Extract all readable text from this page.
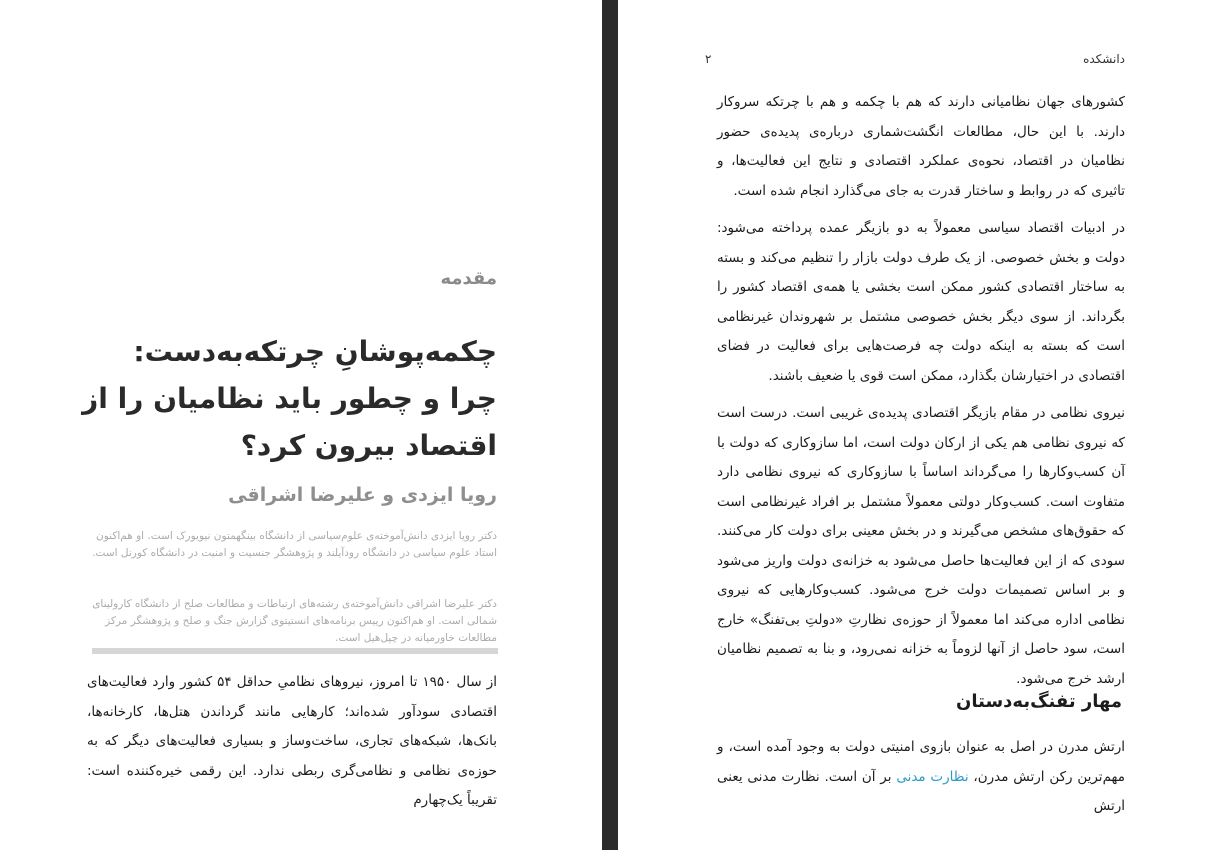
مقدمه
چکمه‌پوشانِ چرتکه‌به‌دست:
چرا و چطور باید نظامیان را از
اقتصاد بیرون کرد؟
رویا ایزدی و علیرضا اشراقی
دکتر رویا ایزدی دانش‌آموخته‌ی علوم‌سیاسی از دانشگاه بینگهمتون نیویورک است. او هم‌اکنون استاد علوم سیاسی در دانشگاه رودآیلند و پژوهشگر جنسیت و امنیت در دانشگاه کورنل است.
دکتر علیرضا اشراقی دانش‌آموخته‌ی رشته‌های ارتباطات و مطالعات صلح از دانشگاه کارولینای شمالی است. او هم‌اکنون رییس برنامه‌های انستیتوی گزارش جنگ و صلح و پژوهشگر مرکز مطالعات خاورمیانه در چپل‌هیل است.
از سال ۱۹۵۰ تا امروز، نیروهای نظامیِ حداقل ۵۴ کشور وارد فعالیت‌های اقتصادی سودآور شده‌اند؛ کارهایی مانند گرداندن هتل‌ها، کارخانه‌ها، بانک‌ها، شبکه‌های تجاری، ساخت‌وساز و بسیاری فعالیت‌های دیگر که به حوزه‌ی نظامی و نظامی‌گری ربطی ندارد. این رقمی خیره‌کننده است: تقریباً یک‌چهارم
دانشکده
۲
کشورهای جهان نظامیانی دارند که هم با چکمه و هم با چرتکه سروکار دارند. با این حال، مطالعات انگشت‌شماری درباره‌ی پدیده‌ی حضور نظامیان در اقتصاد، نحوه‌ی عملکرد اقتصادی و نتایج این فعالیت‌ها، و تاثیری که در روابط و ساختار قدرت به جای می‌گذارد انجام شده است.
در ادبیات اقتصاد سیاسی معمولاً به دو بازیگر عمده پرداخته می‌شود: دولت و بخش خصوصی. از یک طرف دولت بازار را تنظیم می‌کند و بسته به ساختار اقتصادی کشور ممکن است بخشی یا همه‌ی اقتصاد کشور را بگرداند. از سوی دیگر بخش خصوصی مشتمل بر شهروندان غیرنظامی است که بسته به اینکه دولت چه فرصت‌هایی برای فعالیت در فضای اقتصادی در اختیارشان بگذارد، ممکن است قوی یا ضعیف باشند.
نیروی نظامی در مقام بازیگر اقتصادی پدیده‌ی غریبی است. درست است که نیروی نظامی هم یکی از ارکان دولت است، اما سازوکاری که دولت با آن کسب‌وکارها را می‌گرداند اساساً با سازوکاری که نیروی نظامی دارد متفاوت است. کسب‌وکار دولتی معمولاً مشتمل بر افراد غیرنظامی است که حقوق‌های مشخص می‌گیرند و در بخش معینی برای دولت کار می‌کنند. سودی که از این فعالیت‌ها حاصل می‌شود به خزانه‌ی دولت واریز می‌شود و بر اساس تصمیمات دولت خرج می‌شود. کسب‌وکارهایی که نیروی نظامی اداره می‌کند اما معمولاً از حوزه‌ی نظارتِ «دولتِ بی‌تفنگ» خارج است، سود حاصل از آنها لزوماً به خزانه نمی‌رود، و بنا به تصمیم نظامیان ارشد خرج می‌شود.
مهار تفنگ‌به‌دستان
ارتش مدرن در اصل به عنوان بازوی امنیتی دولت به وجود آمده است، و مهم‌ترین رکن ارتش مدرن، نظارت مدنی بر آن است. نظارت مدنی یعنی ارتش
